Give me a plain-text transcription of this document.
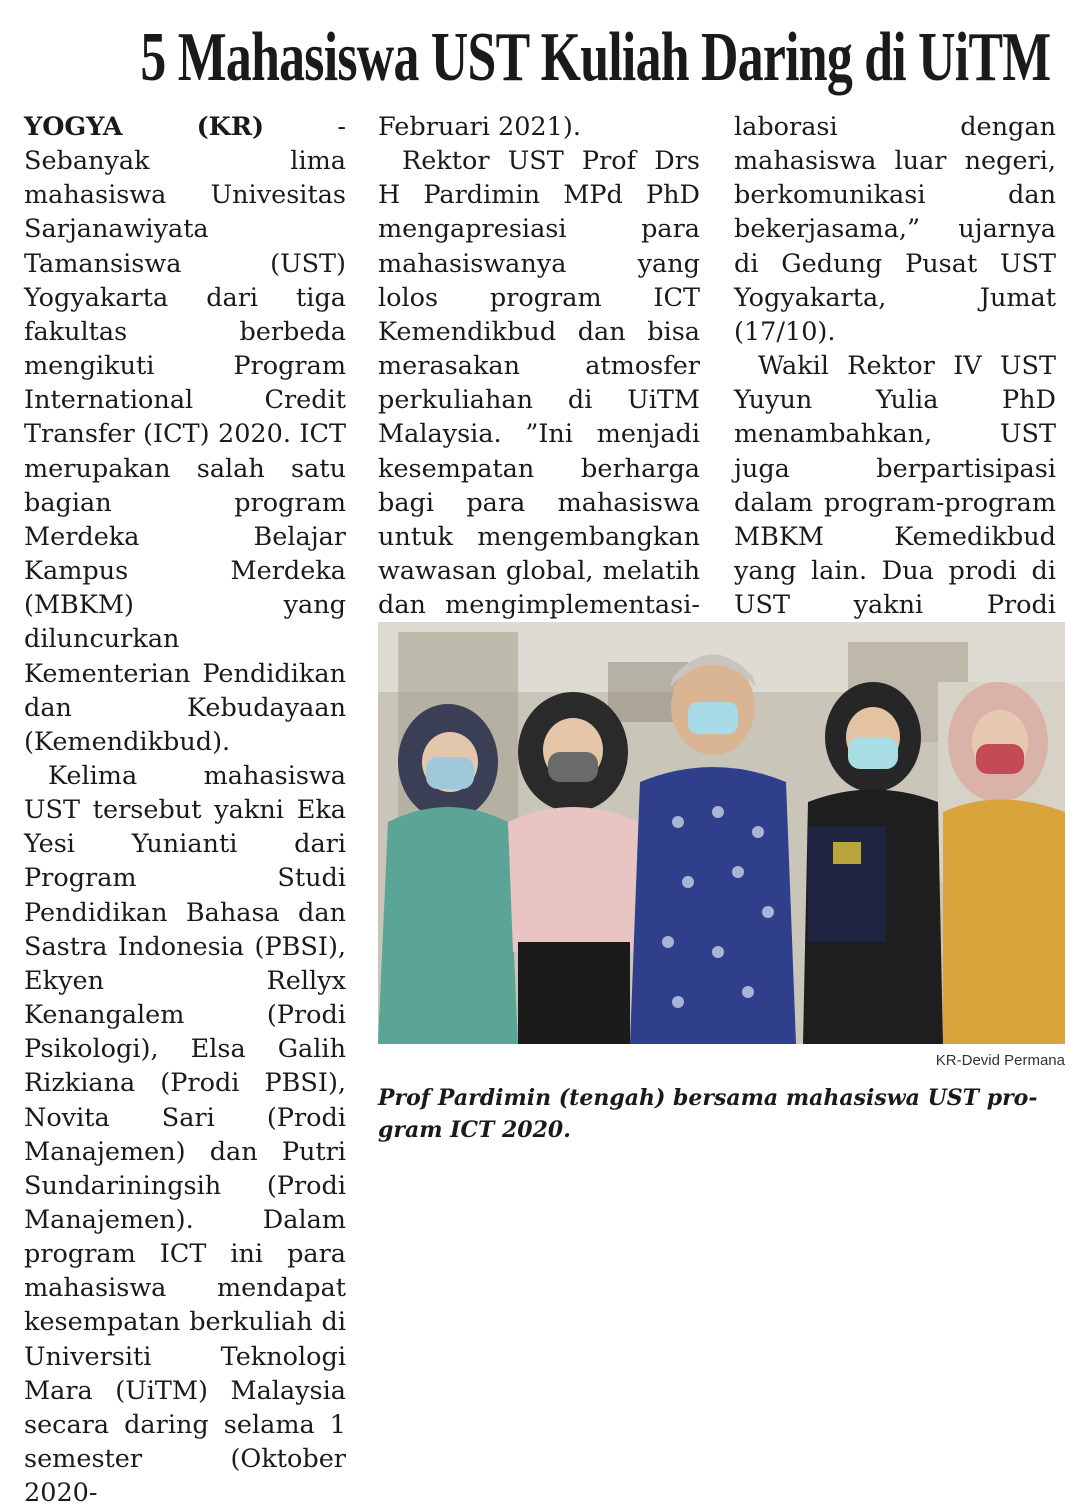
5 Mahasiswa UST Kuliah Daring di UiTM

YOGYA (KR) - Sebanyak lima mahasiswa Univesitas Sarjanawiyata Tamansiswa (UST) Yogyakarta dari tiga fakultas berbeda mengikuti Program International Credit Transfer (ICT) 2020. ICT merupakan salah satu bagian program Merdeka Belajar Kampus Merdeka (MBKM) yang diluncurkan Kementerian Pendidikan dan Kebudayaan (Kemendikbud).

Kelima mahasiswa UST tersebut yakni Eka Yesi Yunianti dari Program Studi Pendidikan Bahasa dan Sastra Indonesia (PBSI), Ekyen Rellyx Kenangalem (Prodi Psikologi), Elsa Galih Rizkiana (Prodi PBSI), Novita Sari (Prodi Manajemen) dan Putri Sundariningsih (Prodi Manajemen). Dalam program ICT ini para mahasiswa mendapat kesempatan berkuliah di Universiti Teknologi Mara (UiTM) Malaysia secara daring selama 1 semester (Oktober 2020-

Februari 2021).

Rektor UST Prof Drs H Pardimin MPd PhD mengapresiasi para mahasiswanya yang lolos program ICT Kemendikbud dan bisa merasakan atmosfer perkuliahan di UiTM Malaysia. ”Ini menjadi kesempatan berharga bagi para mahasiswa untuk mengembangkan wawasan global, melatih dan mengimplementasi

laborasi dengan mahasiswa luar negeri, berkomunikasi dan bekerjasama,” ujarnya di Gedung Pusat UST Yogyakarta, Jumat (17/10).

Wakil Rektor IV UST Yuyun Yulia PhD menambahkan, UST juga berpartisipasi dalam program-program MBKM Kemedikbud yang lain. Dua prodi di UST yakni Prodi

KR-Devid Permana

Prof Pardimin (tengah) bersama mahasiswa UST program ICT 2020.
